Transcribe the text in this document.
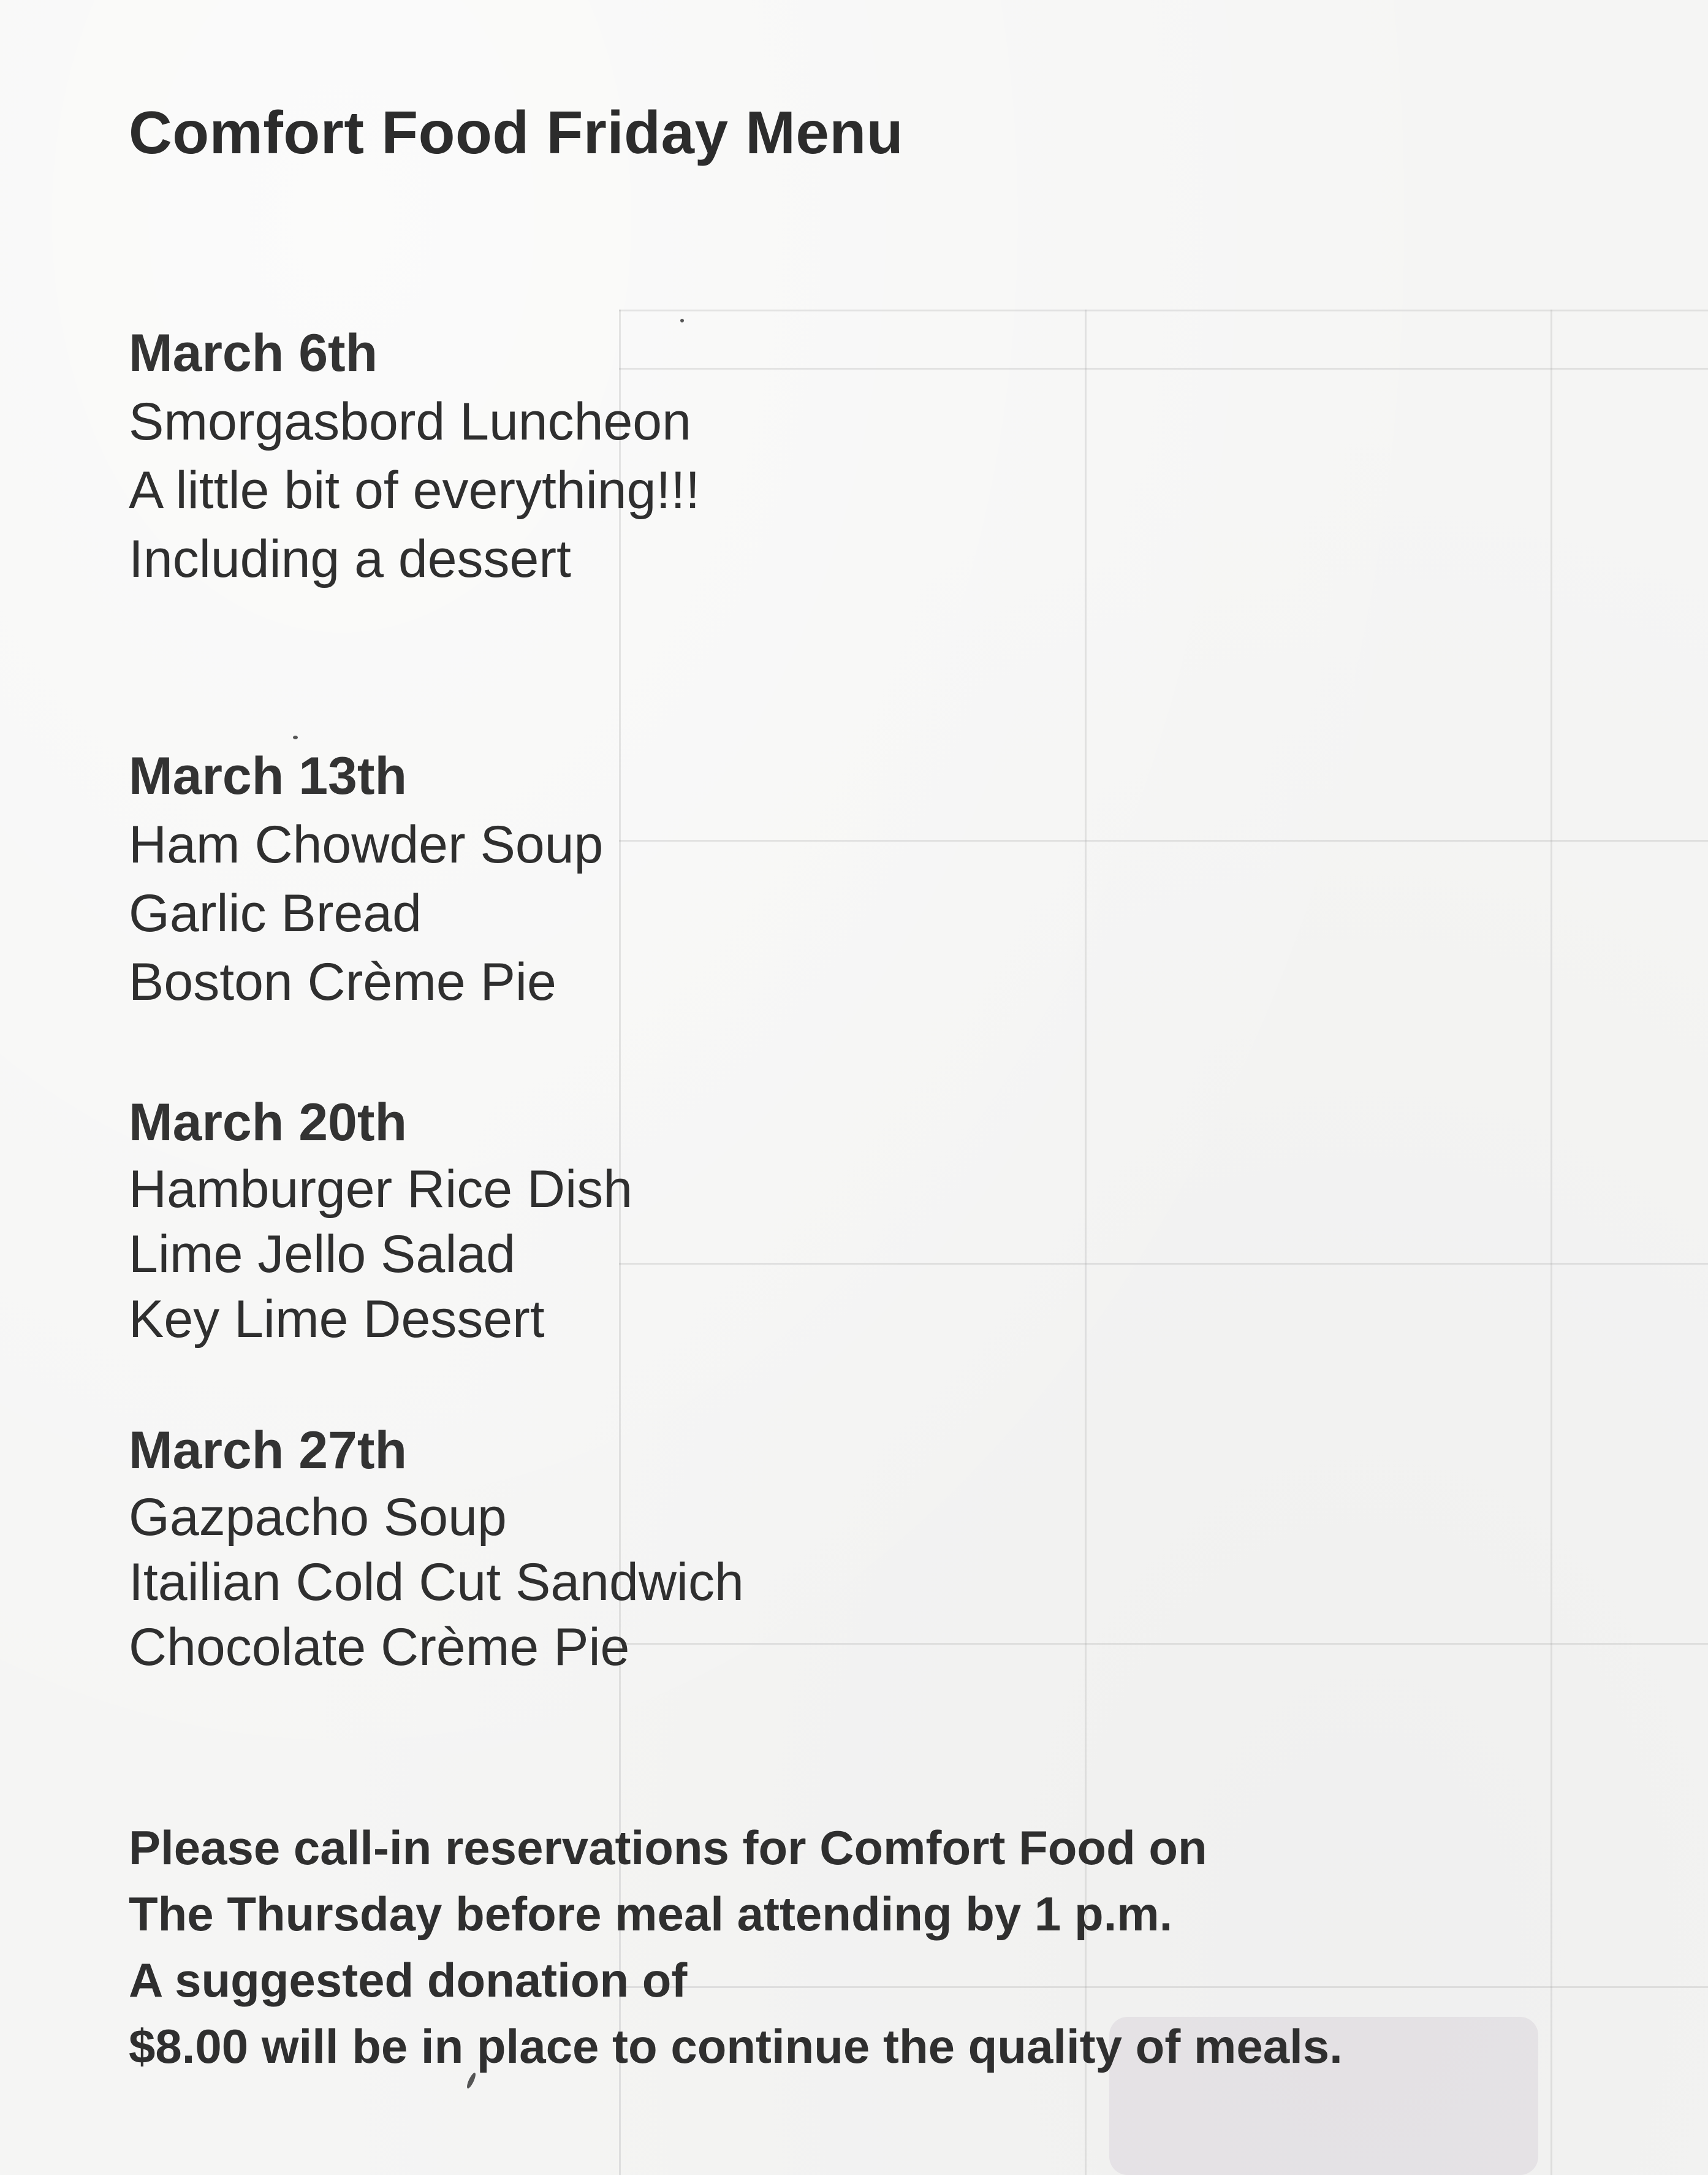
Comfort Food Friday Menu
March 6th
Smorgasbord Luncheon
A little bit of everything!!!
Including a dessert
March 13th
Ham Chowder Soup
Garlic Bread
Boston Crème Pie
March 20th
Hamburger Rice Dish
Lime Jello Salad
Key Lime Dessert
March 27th
Gazpacho Soup
Itailian Cold Cut Sandwich
Chocolate Crème Pie
Please call-in reservations for Comfort Food on
The Thursday before meal attending by 1 p.m.
A suggested donation of
$8.00 will be in place to continue the quality of meals.
